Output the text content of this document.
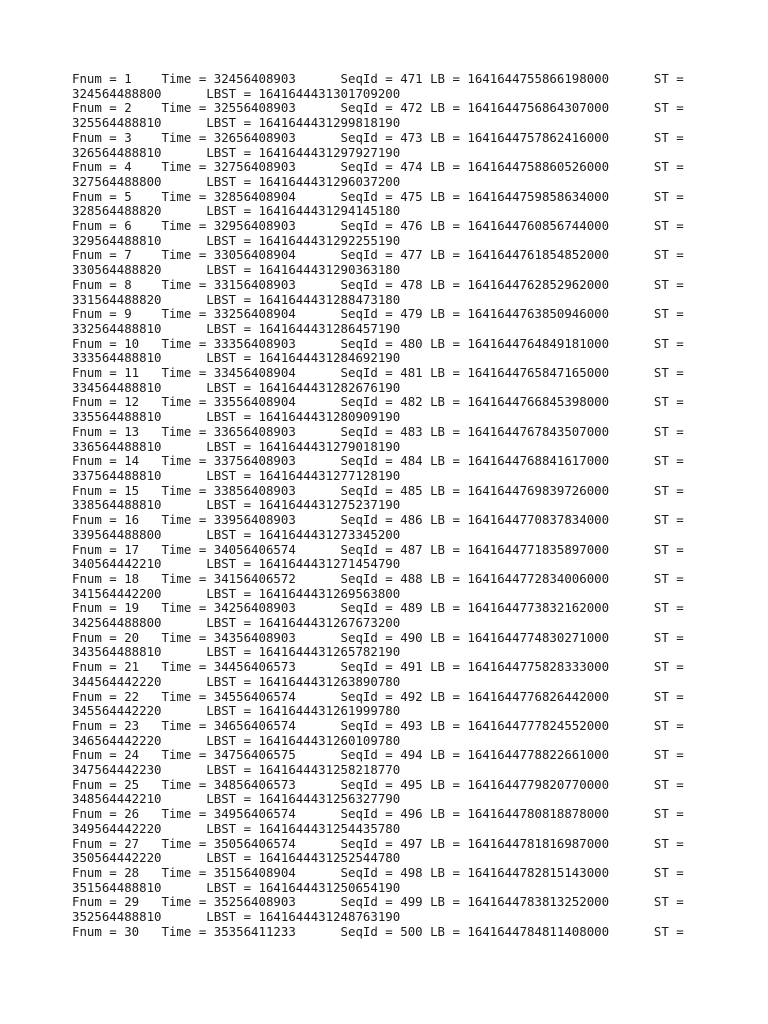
Fnum = 1    Time = 32456408903      SeqId = 471 LB = 1641644755866198000      ST =
324564488800      LBST = 1641644431301709200
Fnum = 2    Time = 32556408903      SeqId = 472 LB = 1641644756864307000      ST =
325564488810      LBST = 1641644431299818190
Fnum = 3    Time = 32656408903      SeqId = 473 LB = 1641644757862416000      ST =
326564488810      LBST = 1641644431297927190
Fnum = 4    Time = 32756408903      SeqId = 474 LB = 1641644758860526000      ST =
327564488800      LBST = 1641644431296037200
Fnum = 5    Time = 32856408904      SeqId = 475 LB = 1641644759858634000      ST =
328564488820      LBST = 1641644431294145180
Fnum = 6    Time = 32956408903      SeqId = 476 LB = 1641644760856744000      ST =
329564488810      LBST = 1641644431292255190
Fnum = 7    Time = 33056408904      SeqId = 477 LB = 1641644761854852000      ST =
330564488820      LBST = 1641644431290363180
Fnum = 8    Time = 33156408903      SeqId = 478 LB = 1641644762852962000      ST =
331564488820      LBST = 1641644431288473180
Fnum = 9    Time = 33256408904      SeqId = 479 LB = 1641644763850946000      ST =
332564488810      LBST = 1641644431286457190
Fnum = 10   Time = 33356408903      SeqId = 480 LB = 1641644764849181000      ST =
333564488810      LBST = 1641644431284692190
Fnum = 11   Time = 33456408904      SeqId = 481 LB = 1641644765847165000      ST =
334564488810      LBST = 1641644431282676190
Fnum = 12   Time = 33556408904      SeqId = 482 LB = 1641644766845398000      ST =
335564488810      LBST = 1641644431280909190
Fnum = 13   Time = 33656408903      SeqId = 483 LB = 1641644767843507000      ST =
336564488810      LBST = 1641644431279018190
Fnum = 14   Time = 33756408903      SeqId = 484 LB = 1641644768841617000      ST =
337564488810      LBST = 1641644431277128190
Fnum = 15   Time = 33856408903      SeqId = 485 LB = 1641644769839726000      ST =
338564488810      LBST = 1641644431275237190
Fnum = 16   Time = 33956408903      SeqId = 486 LB = 1641644770837834000      ST =
339564488800      LBST = 1641644431273345200
Fnum = 17   Time = 34056406574      SeqId = 487 LB = 1641644771835897000      ST =
340564442210      LBST = 1641644431271454790
Fnum = 18   Time = 34156406572      SeqId = 488 LB = 1641644772834006000      ST =
341564442200      LBST = 1641644431269563800
Fnum = 19   Time = 34256408903      SeqId = 489 LB = 1641644773832162000      ST =
342564488800      LBST = 1641644431267673200
Fnum = 20   Time = 34356408903      SeqId = 490 LB = 1641644774830271000      ST =
343564488810      LBST = 1641644431265782190
Fnum = 21   Time = 34456406573      SeqId = 491 LB = 1641644775828333000      ST =
344564442220      LBST = 1641644431263890780
Fnum = 22   Time = 34556406574      SeqId = 492 LB = 1641644776826442000      ST =
345564442220      LBST = 1641644431261999780
Fnum = 23   Time = 34656406574      SeqId = 493 LB = 1641644777824552000      ST =
346564442220      LBST = 1641644431260109780
Fnum = 24   Time = 34756406575      SeqId = 494 LB = 1641644778822661000      ST =
347564442230      LBST = 1641644431258218770
Fnum = 25   Time = 34856406573      SeqId = 495 LB = 1641644779820770000      ST =
348564442210      LBST = 1641644431256327790
Fnum = 26   Time = 34956406574      SeqId = 496 LB = 1641644780818878000      ST =
349564442220      LBST = 1641644431254435780
Fnum = 27   Time = 35056406574      SeqId = 497 LB = 1641644781816987000      ST =
350564442220      LBST = 1641644431252544780
Fnum = 28   Time = 35156408904      SeqId = 498 LB = 1641644782815143000      ST =
351564488810      LBST = 1641644431250654190
Fnum = 29   Time = 35256408903      SeqId = 499 LB = 1641644783813252000      ST =
352564488810      LBST = 1641644431248763190
Fnum = 30   Time = 35356411233      SeqId = 500 LB = 1641644784811408000      ST =
